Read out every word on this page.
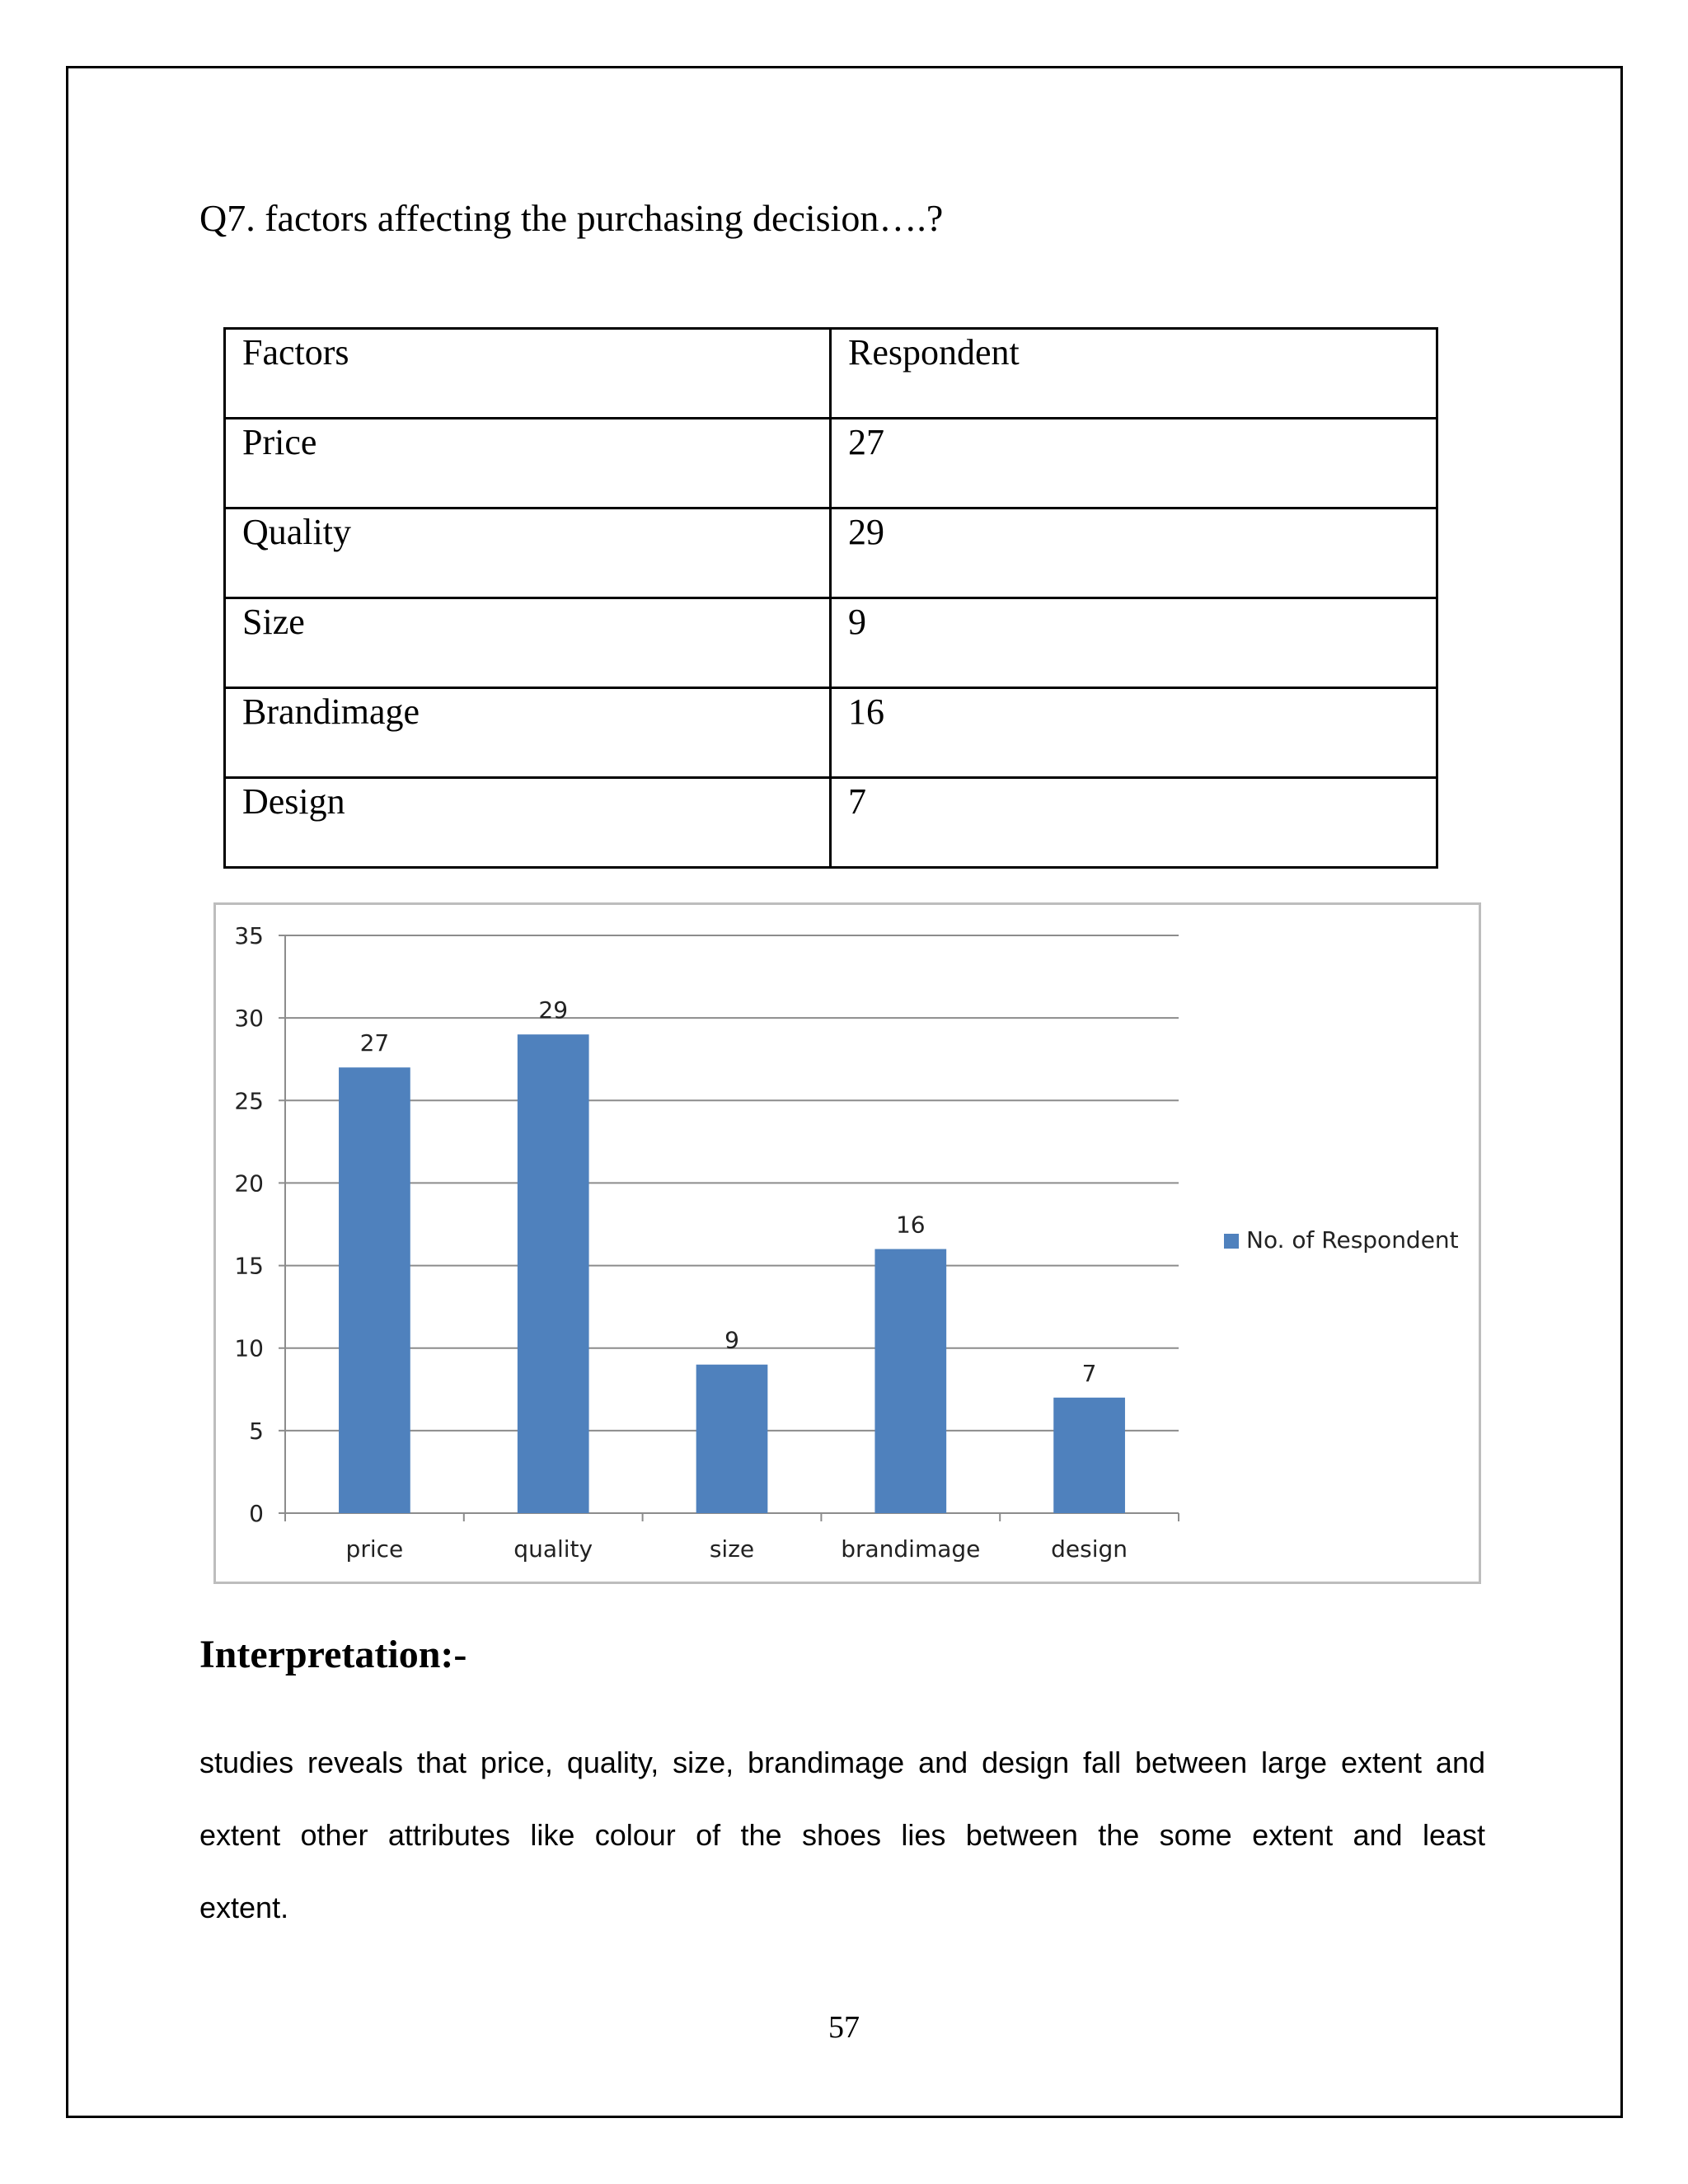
Q7. factors affecting the purchasing decision….?
Factors	Respondent
Price	27
Quality	29
Size	9
Brandimage	16
Design	7
0
5
10
15
20
25
30
35
27
price
29
quality
9
size
16
brandimage
7
design
No. of Respondent
Interpretation:-
studies reveals that price, quality, size, brandimage and design fall between large extent and extent other attributes like colour of the shoes lies between the some extent and least extent.
57
